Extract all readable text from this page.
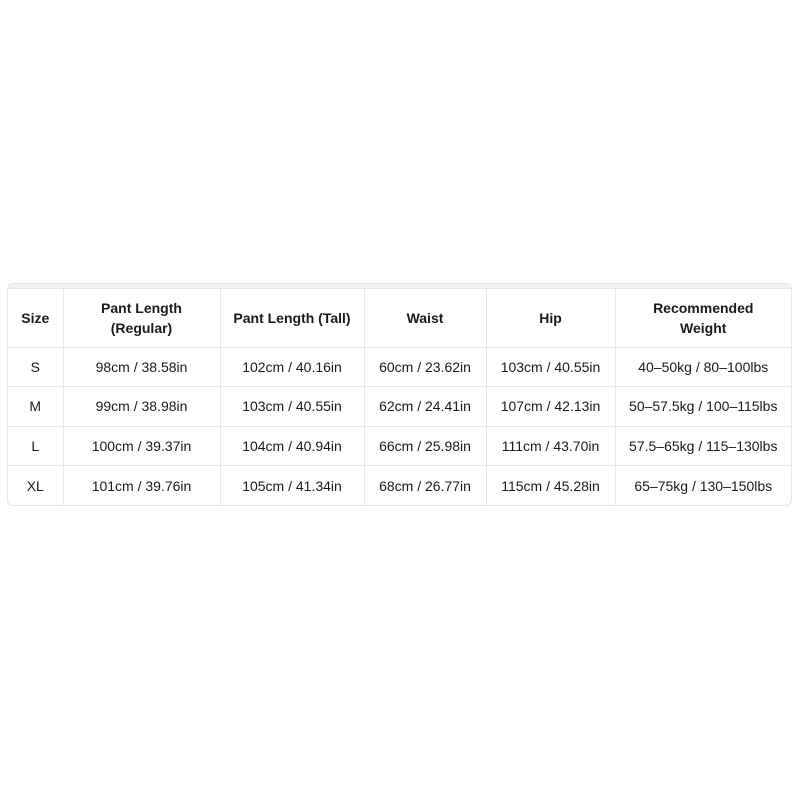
Size	Pant Length (Regular)	Pant Length (Tall)	Waist	Hip	Recommended Weight

S	98cm / 38.58in	102cm / 40.16in	60cm / 23.62in	103cm / 40.55in	40–50kg / 80–100lbs
M	99cm / 38.98in	103cm / 40.55in	62cm / 24.41in	107cm / 42.13in	50–57.5kg / 100–115lbs
L	100cm / 39.37in	104cm / 40.94in	66cm / 25.98in	111cm / 43.70in	57.5–65kg / 115–130lbs
XL	101cm / 39.76in	105cm / 41.34in	68cm / 26.77in	115cm / 45.28in	65–75kg / 130–150lbs
